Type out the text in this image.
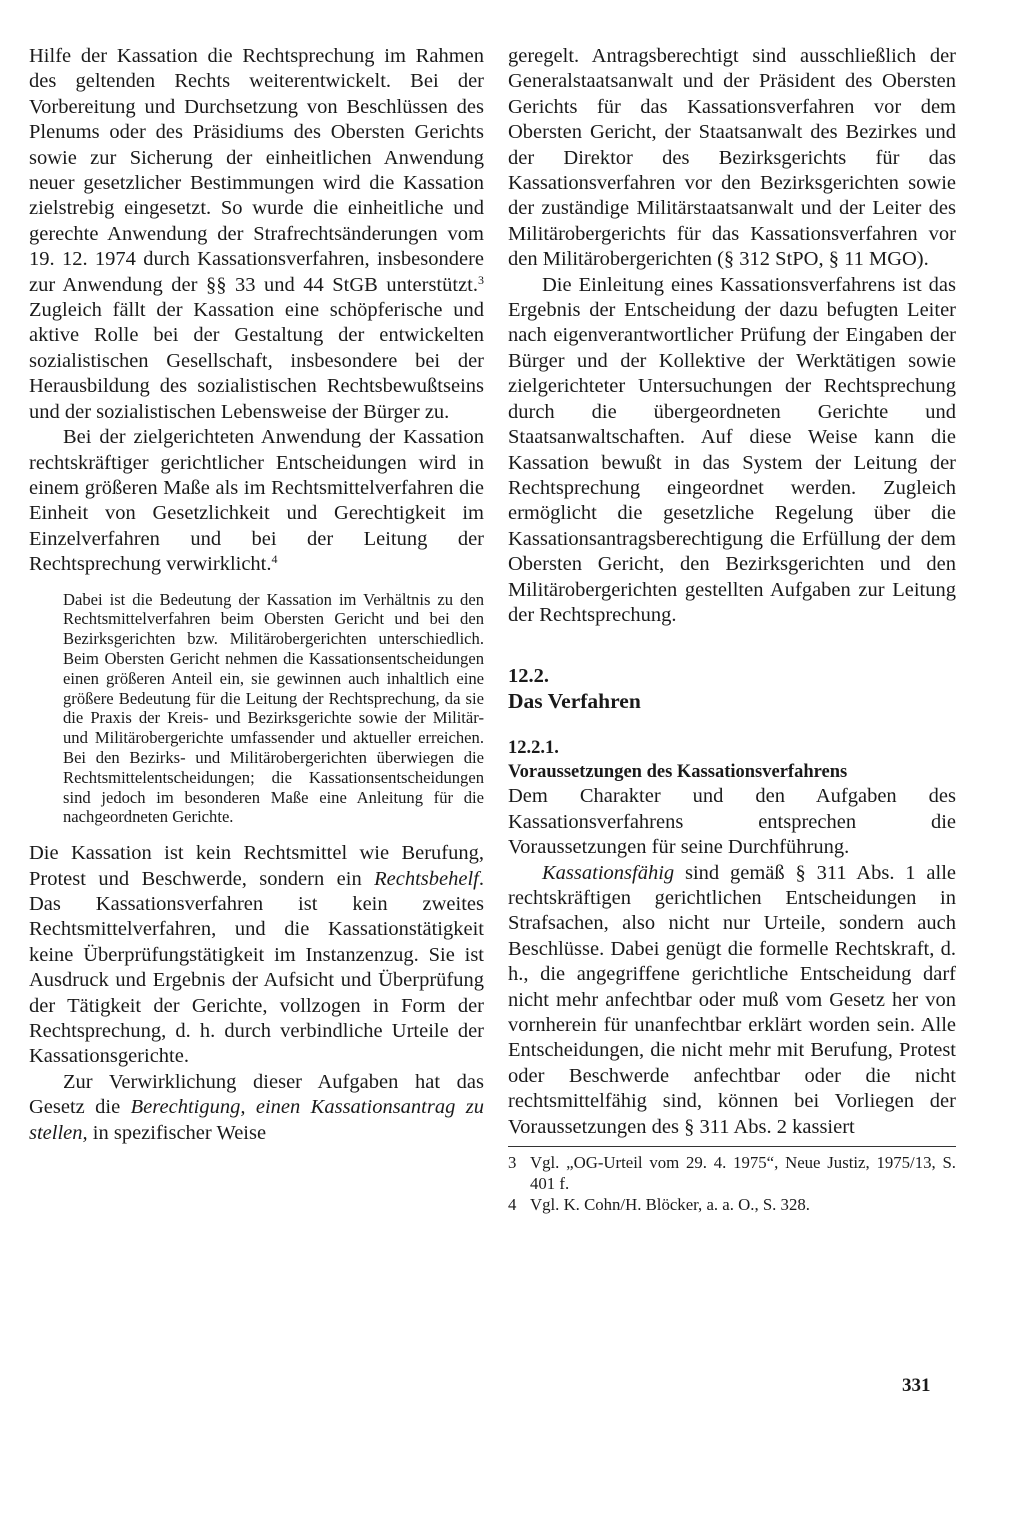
Hilfe der Kassation die Rechtsprechung im Rahmen des geltenden Rechts weiterentwickelt. Bei der Vorbereitung und Durchsetzung von Beschlüssen des Plenums oder des Präsidiums des Obersten Gerichts sowie zur Sicherung der einheitlichen Anwendung neuer gesetzlicher Bestimmungen wird die Kassation zielstrebig eingesetzt. So wurde die einheitliche und gerechte Anwendung der Strafrechtsänderungen vom 19. 12. 1974 durch Kassationsverfahren, insbesondere zur Anwendung der §§ 33 und 44 StGB unterstützt.$^3$ Zugleich fällt der Kassation eine schöpferische und aktive Rolle bei der Gestaltung der entwickelten sozialistischen Gesellschaft, insbesondere bei der Herausbildung des sozialistischen Rechtsbewußtseins und der sozialistischen Lebensweise der Bürger zu.

Bei der zielgerichteten Anwendung der Kassation rechtskräftiger gerichtlicher Entscheidungen wird in einem größeren Maße als im Rechtsmittelverfahren die Einheit von Gesetzlichkeit und Gerechtigkeit im Einzelverfahren und bei der Leitung der Rechtsprechung verwirklicht.$^4$

Dabei ist die Bedeutung der Kassation im Verhältnis zu den Rechtsmittelverfahren beim Obersten Gericht und bei den Bezirksgerichten bzw. Militärobergerichten unterschiedlich. Beim Obersten Gericht nehmen die Kassationsentscheidungen einen größeren Anteil ein, sie gewinnen auch inhaltlich eine größere Bedeutung für die Leitung der Rechtsprechung, da sie die Praxis der Kreis- und Bezirksgerichte sowie der Militär- und Militärobergerichte umfassender und aktueller erreichen. Bei den Bezirks- und Militärobergerichten überwiegen die Rechtsmittelentscheidungen; die Kassationsentscheidungen sind jedoch im besonderen Maße eine Anleitung für die nachgeordneten Gerichte.

Die Kassation ist kein Rechtsmittel wie Berufung, Protest und Beschwerde, sondern ein Rechtsbehelf. Das Kassationsverfahren ist kein zweites Rechtsmittelverfahren, und die Kassationstätigkeit keine Überprüfungstätigkeit im Instanzenzug. Sie ist Ausdruck und Ergebnis der Aufsicht und Überprüfung der Tätigkeit der Gerichte, vollzogen in Form der Rechtsprechung, d. h. durch verbindliche Urteile der Kassationsgerichte.

Zur Verwirklichung dieser Aufgaben hat das Gesetz die Berechtigung, einen Kassationsantrag zu stellen, in spezifischer Weise

geregelt. Antragsberechtigt sind ausschließlich der Generalstaatsanwalt und der Präsident des Obersten Gerichts für das Kassationsverfahren vor dem Obersten Gericht, der Staatsanwalt des Bezirkes und der Direktor des Bezirksgerichts für das Kassationsverfahren vor den Bezirksgerichten sowie der zuständige Militärstaatsanwalt und der Leiter des Militärobergerichts für das Kassationsverfahren vor den Militärobergerichten (§ 312 StPO, § 11 MGO).

Die Einleitung eines Kassationsverfahrens ist das Ergebnis der Entscheidung der dazu befugten Leiter nach eigenverantwortlicher Prüfung der Eingaben der Bürger und der Kollektive der Werktätigen sowie zielgerichteter Untersuchungen der Rechtsprechung durch die übergeordneten Gerichte und Staatsanwaltschaften. Auf diese Weise kann die Kassation bewußt in das System der Leitung der Rechtsprechung eingeordnet werden. Zugleich ermöglicht die gesetzliche Regelung über die Kassationsantragsberechtigung die Erfüllung der dem Obersten Gericht, den Bezirksgerichten und den Militärobergerichten gestellten Aufgaben zur Leitung der Rechtsprechung.

12.2.
Das Verfahren
12.2.1.
Voraussetzungen des Kassationsverfahrens

Dem Charakter und den Aufgaben des Kassationsverfahrens entsprechen die Voraussetzungen für seine Durchführung.

Kassationsfähig sind gemäß § 311 Abs. 1 alle rechtskräftigen gerichtlichen Entscheidungen in Strafsachen, also nicht nur Urteile, sondern auch Beschlüsse. Dabei genügt die formelle Rechtskraft, d. h., die angegriffene gerichtliche Entscheidung darf nicht mehr anfechtbar oder muß vom Gesetz her von vornherein für unanfechtbar erklärt worden sein. Alle Entscheidungen, die nicht mehr mit Berufung, Protest oder Beschwerde anfechtbar oder die nicht rechtsmittelfähig sind, können bei Vorliegen der Voraussetzungen des § 311 Abs. 2 kassiert

3 Vgl. „OG-Urteil vom 29. 4. 1975“, Neue Justiz, 1975/13, S. 401 f.
4 Vgl. K. Cohn/H. Blöcker, a. a. O., S. 328.
331
